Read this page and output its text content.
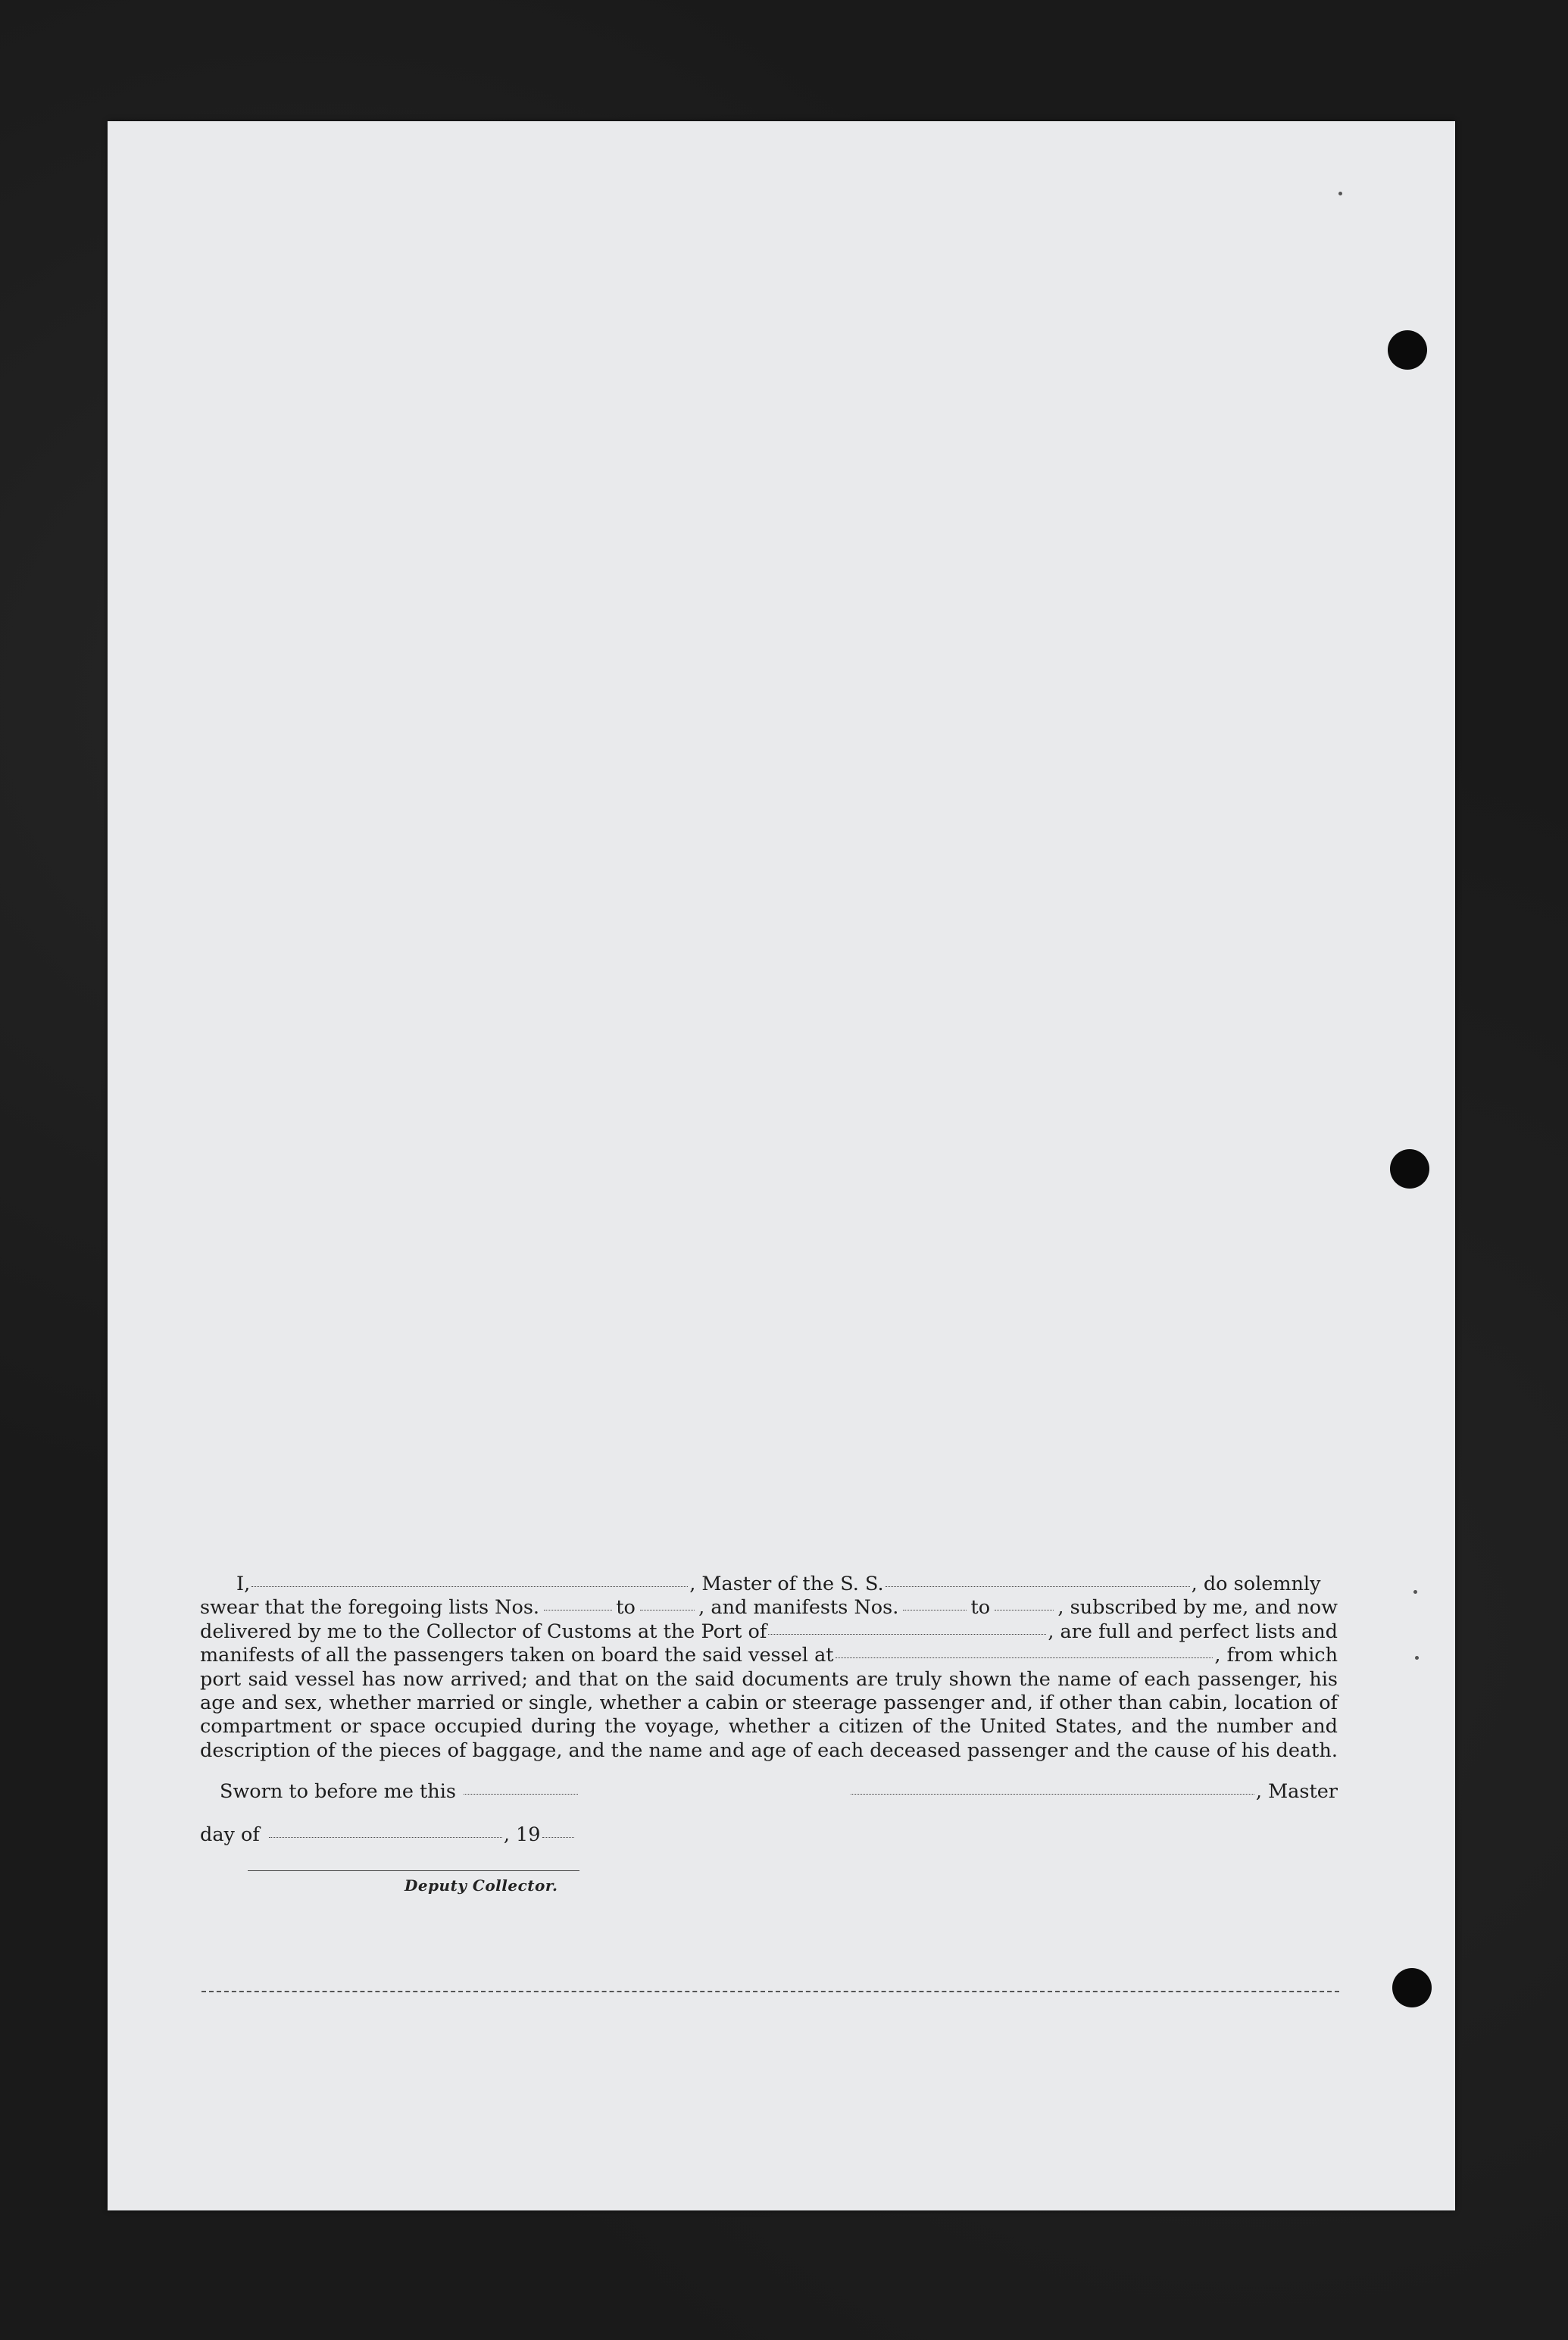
I,	, Master of the S. S.	, do solemnly
swear that the foregoing lists Nos.	to	, and manifests Nos.	to	, subscribed by me, and now
delivered by me to the Collector of Customs at the Port of	, are full and perfect lists and
manifests of all the passengers taken on board the said vessel at	, from which
port said vessel has now arrived; and that on the said documents are truly shown the name of each passenger, his age and sex, whether married or single, whether a cabin or steerage passenger and, if other than cabin, location of compartment or space occupied during the voyage, whether a citizen of the United States, and the number and description of the pieces of baggage, and the name and age of each deceased passenger and the cause of his death.
Sworn to before me this	, Master
day of	, 19
Deputy Collector.
